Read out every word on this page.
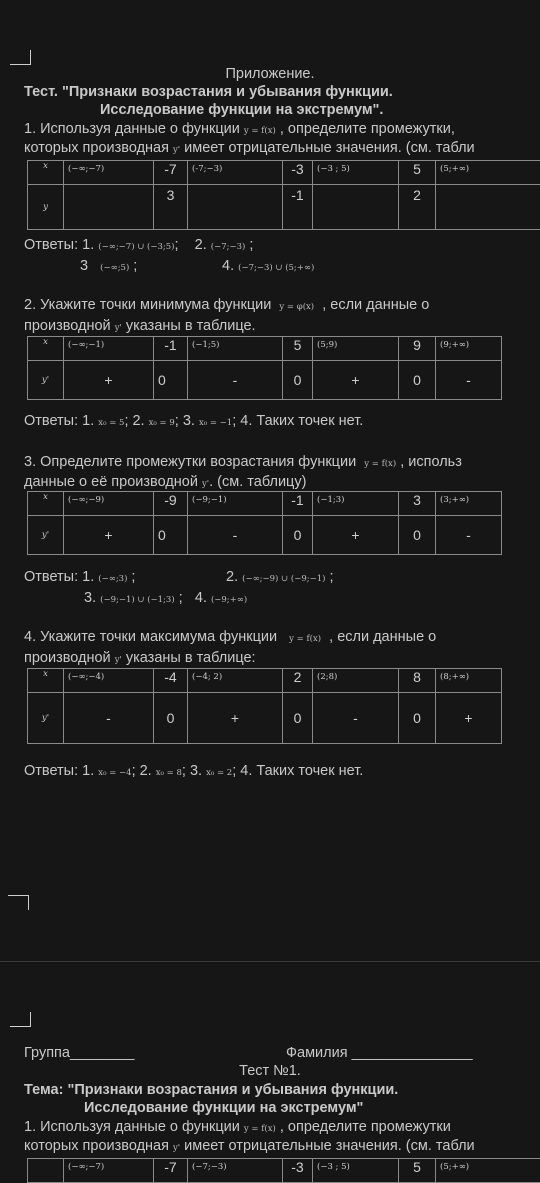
Приложение.
Тест. "Признаки возрастания и убывания функции.
Исследование функции на экстремум".
1. Используя данные о функции y = f(x) , определите промежутки,
которых производная y' имеет отрицательные значения. (см. табли
x	(−∞;−7)	-7	(-7;−3)	-3	(−3 ; 5)	5	(5;+∞)
y		3		-1		2	
Ответы: 1. (−∞;−7) ∪ (−3;5);    2. (−7;−3) ;
3 (−∞;5) ;	4. (−7;−3) ∪ (5;+∞)
2. Укажите точки минимума функции y = φ(x) , если данные о
производной y' указаны в таблице.
x	(−∞;−1)	-1	(−1;5)	5	(5;9)	9	(9;+∞)
y'	+	0	-	0	+	0	-
Ответы: 1. x₀ = 5; 2. x₀ = 9; 3. x₀ = −1; 4. Таких точек нет.
3. Определите промежутки возрастания функции y = f(x) , использ
данные о её производной y'. (см. таблицу)
x	(−∞;−9)	-9	(−9;−1)	-1	(−1;3)	3	(3;+∞)
y'	+	0	-	0	+	0	-
Ответы: 1. (−∞;3) ;	2. (−∞;−9) ∪ (−9;−1) ;
3. (−9;−1) ∪ (−1;3) ;   4. (−9;+∞)
4. Укажите точки максимума функции y = f(x) , если данные о
производной y' указаны в таблице:
x	(−∞;−4)	-4	(−4; 2)	2	(2;8)	8	(8;+∞)
y'	-	0	+	0	-	0	+
Ответы: 1. x₀ = −4; 2. x₀ = 8; 3. x₀ = 2; 4. Таких точек нет.
Группа________	Фамилия _______________
Тест №1.
Тема: "Признаки возрастания и убывания функции.
Исследование функции на экстремум"
1. Используя данные о функции y = f(x) , определите промежутки
которых производная y' имеет отрицательные значения. (см. табли
	(−∞;−7)	-7	(−7;−3)	-3	(−3 ; 5)	5	(5;+∞)
